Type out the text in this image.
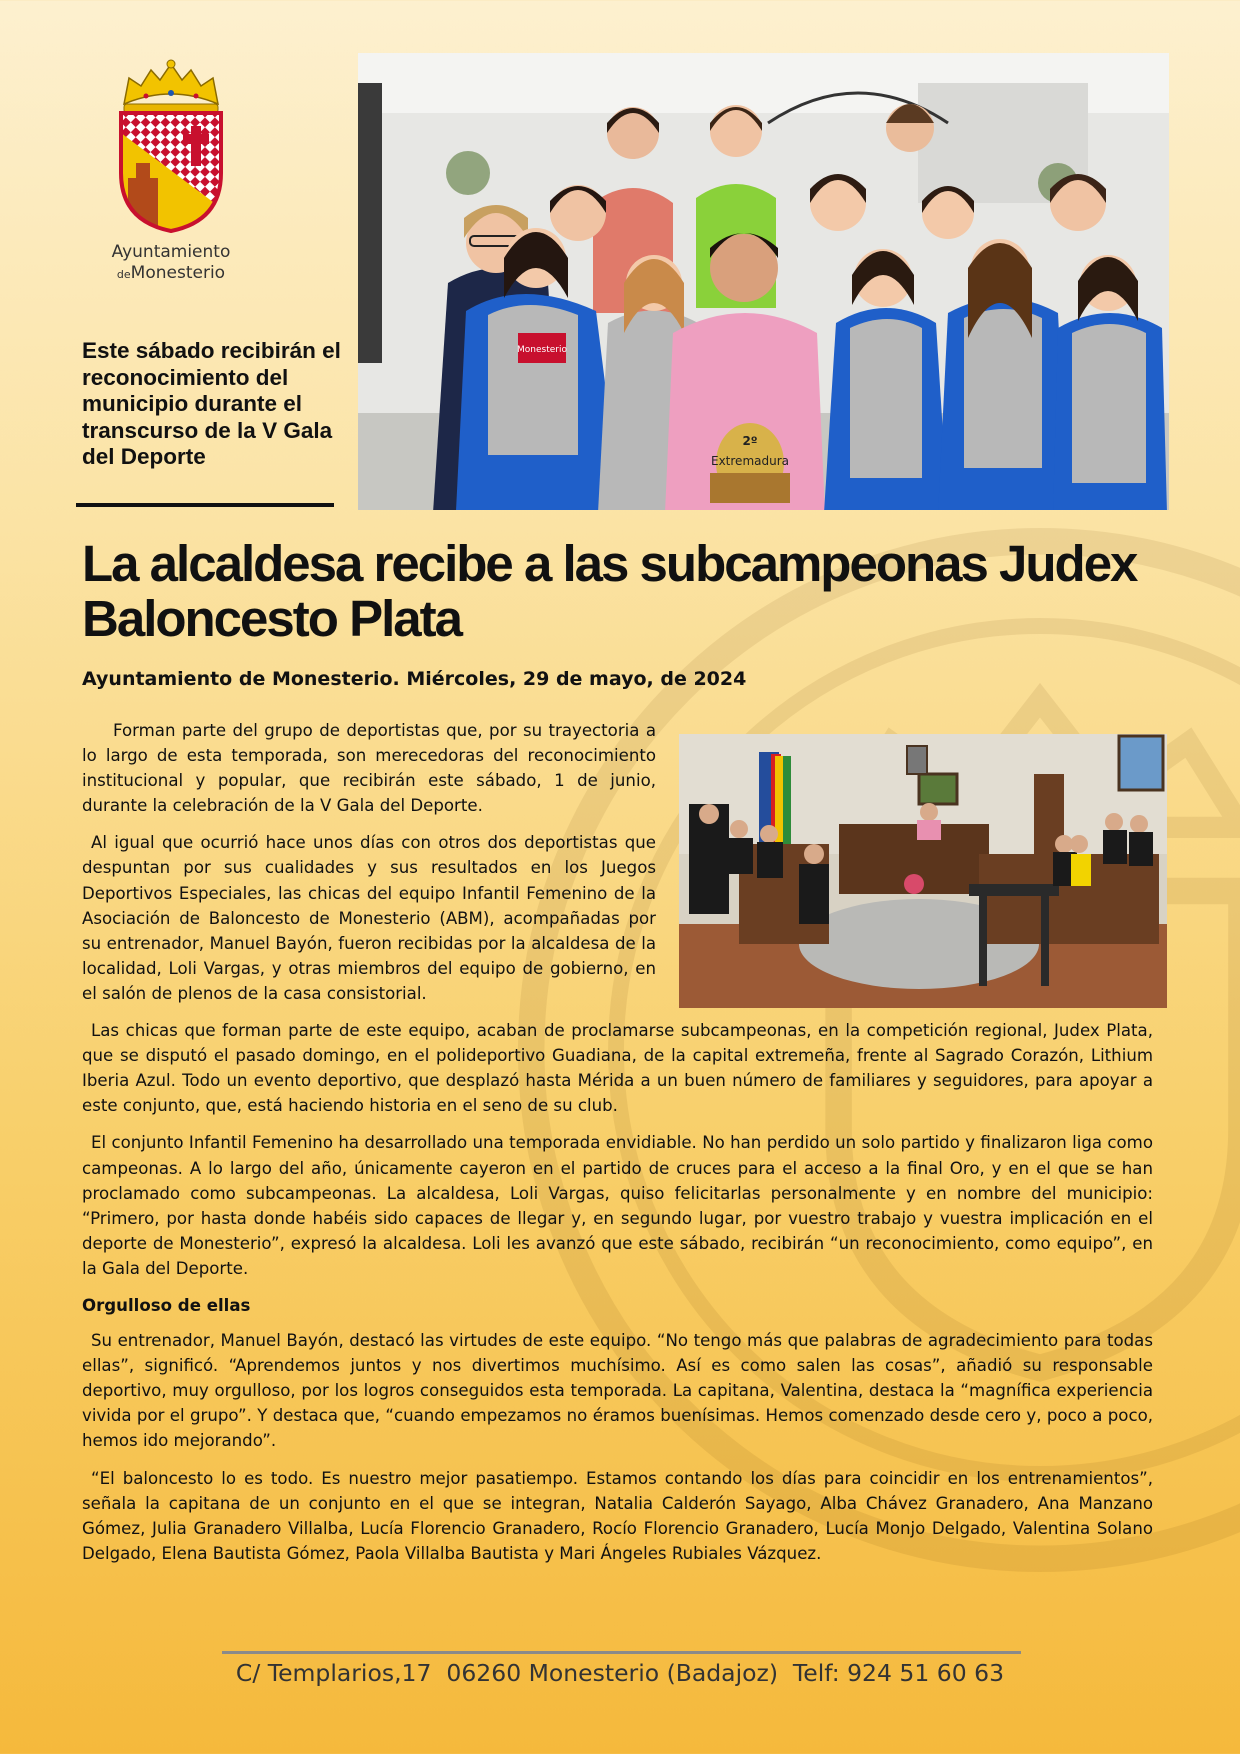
Ayuntamiento
deMonesterio
Este sábado recibirán el reconocimiento del municipio durante el transcurso de la V Gala del Deporte
Monesterio
Extremadura
2º
La alcaldesa recibe a las subcampeonas Judex Baloncesto Plata
Ayuntamiento de Monesterio. Miércoles, 29 de mayo, de 2024

Forman parte del grupo de deportistas que, por su trayectoria a lo largo de esta temporada, son merecedoras del reconocimiento institucional y popular, que recibirán este sábado, 1 de junio, durante la celebración de la V Gala del Deporte.

Al igual que ocurrió hace unos días con otros dos deportistas que despuntan por sus cualidades y sus resultados en los Juegos Deportivos Especiales, las chicas del equipo Infantil Femenino de la Asociación de Baloncesto de Monesterio (ABM), acompañadas por su entrenador, Manuel Bayón, fueron recibidas por la alcaldesa de la localidad, Loli Vargas, y otras miembros del equipo de gobierno, en el salón de plenos de la casa consistorial.

Las chicas que forman parte de este equipo, acaban de proclamarse subcampeonas, en la competición regional, Judex Plata, que se disputó el pasado domingo, en el polideportivo Guadiana, de la capital extremeña, frente al Sagrado Corazón, Lithium Iberia Azul. Todo un evento deportivo, que desplazó hasta Mérida a un buen número de familiares y seguidores, para apoyar a este conjunto, que, está haciendo historia en el seno de su club.

El conjunto Infantil Femenino ha desarrollado una temporada envidiable. No han perdido un solo partido y finalizaron liga como campeonas. A lo largo del año, únicamente cayeron en el partido de cruces para el acceso a la final Oro, y en el que se han proclamado como subcampeonas. La alcaldesa, Loli Vargas, quiso felicitarlas personalmente y en nombre del municipio: “Primero, por hasta donde habéis sido capaces de llegar y, en segundo lugar, por vuestro trabajo y vuestra implicación en el deporte de Monesterio”, expresó la alcaldesa. Loli les avanzó que este sábado, recibirán “un reconocimiento, como equipo”, en la Gala del Deporte.

Orgulloso de ellas

Su entrenador, Manuel Bayón, destacó las virtudes de este equipo. “No tengo más que palabras de agradecimiento para todas ellas”, significó. “Aprendemos juntos y nos divertimos muchísimo. Así es como salen las cosas”, añadió su responsable deportivo, muy orgulloso, por los logros conseguidos esta temporada. La capitana, Valentina, destaca la “magnífica experiencia vivida por el grupo”. Y destaca que, “cuando empezamos no éramos buenísimas. Hemos comenzado desde cero y, poco a poco, hemos ido mejorando”.

“El baloncesto lo es todo. Es nuestro mejor pasatiempo. Estamos contando los días para coincidir en los entrenamientos”, señala la capitana de un conjunto en el que se integran, Natalia Calderón Sayago, Alba Chávez Granadero, Ana Manzano Gómez, Julia Granadero Villalba, Lucía Florencio Granadero, Rocío Florencio Granadero, Lucía Monjo Delgado, Valentina Solano Delgado, Elena Bautista Gómez, Paola Villalba Bautista y Mari Ángeles Rubiales Vázquez.

C/ Templarios,17  06260 Monesterio (Badajoz)  Telf: 924 51 60 63
